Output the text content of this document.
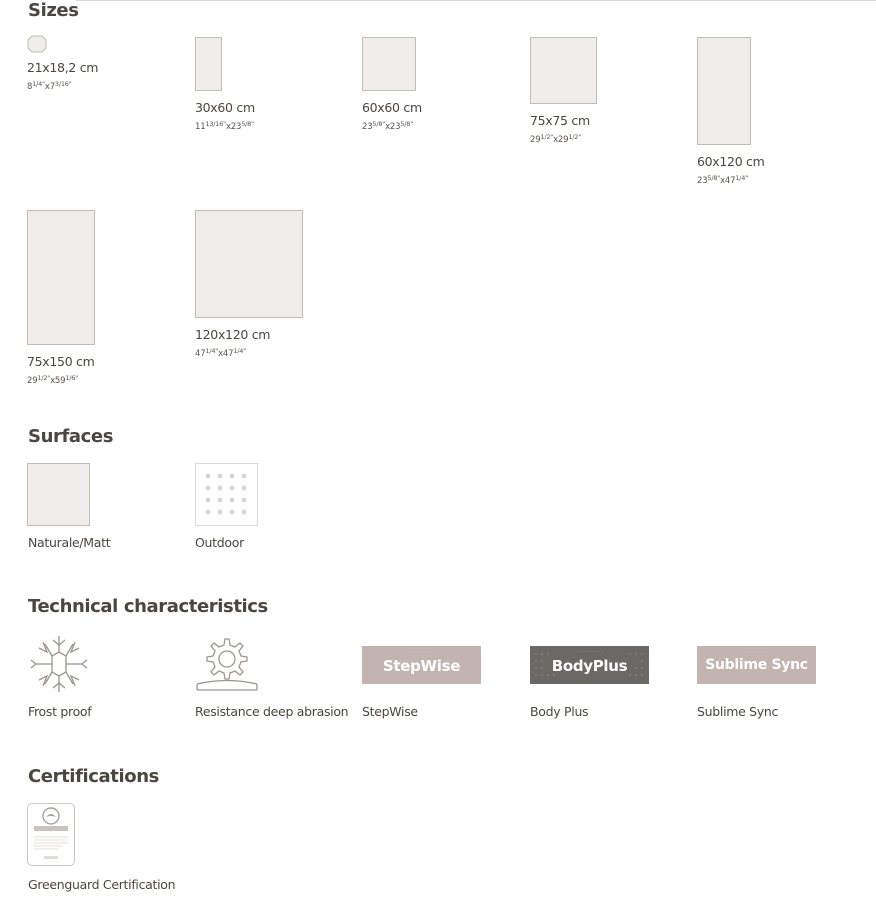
Sizes
21x18,2 cm
$8^{1/4"}x7^{3/16"}$
30x60 cm
$11^{13/16"}x23^{5/8"}$
60x60 cm
$23^{5/8"}x23^{5/8"}$	75x75 cm
$29^{1/2"}x29^{1/2"}$
60x120 cm
$23^{5/8"}x47^{1/4"}$
75x150 cm
$29^{1/2"}x59^{1/6"}$
120x120 cm
$47^{1/4"}x47^{1/4"}$
Surfaces
Naturale/Matt	Outdoor
Technical characteristics
Frost proof	Resistance deep abrasion
· · · · · · · · · ·
StepWise
StepWise
· · · · · · · · · ·
BodyPlus
Body Plus
· · · · · · · · · ·
Sublime Sync
Sublime Sync
Certifications
Greenguard Certification
